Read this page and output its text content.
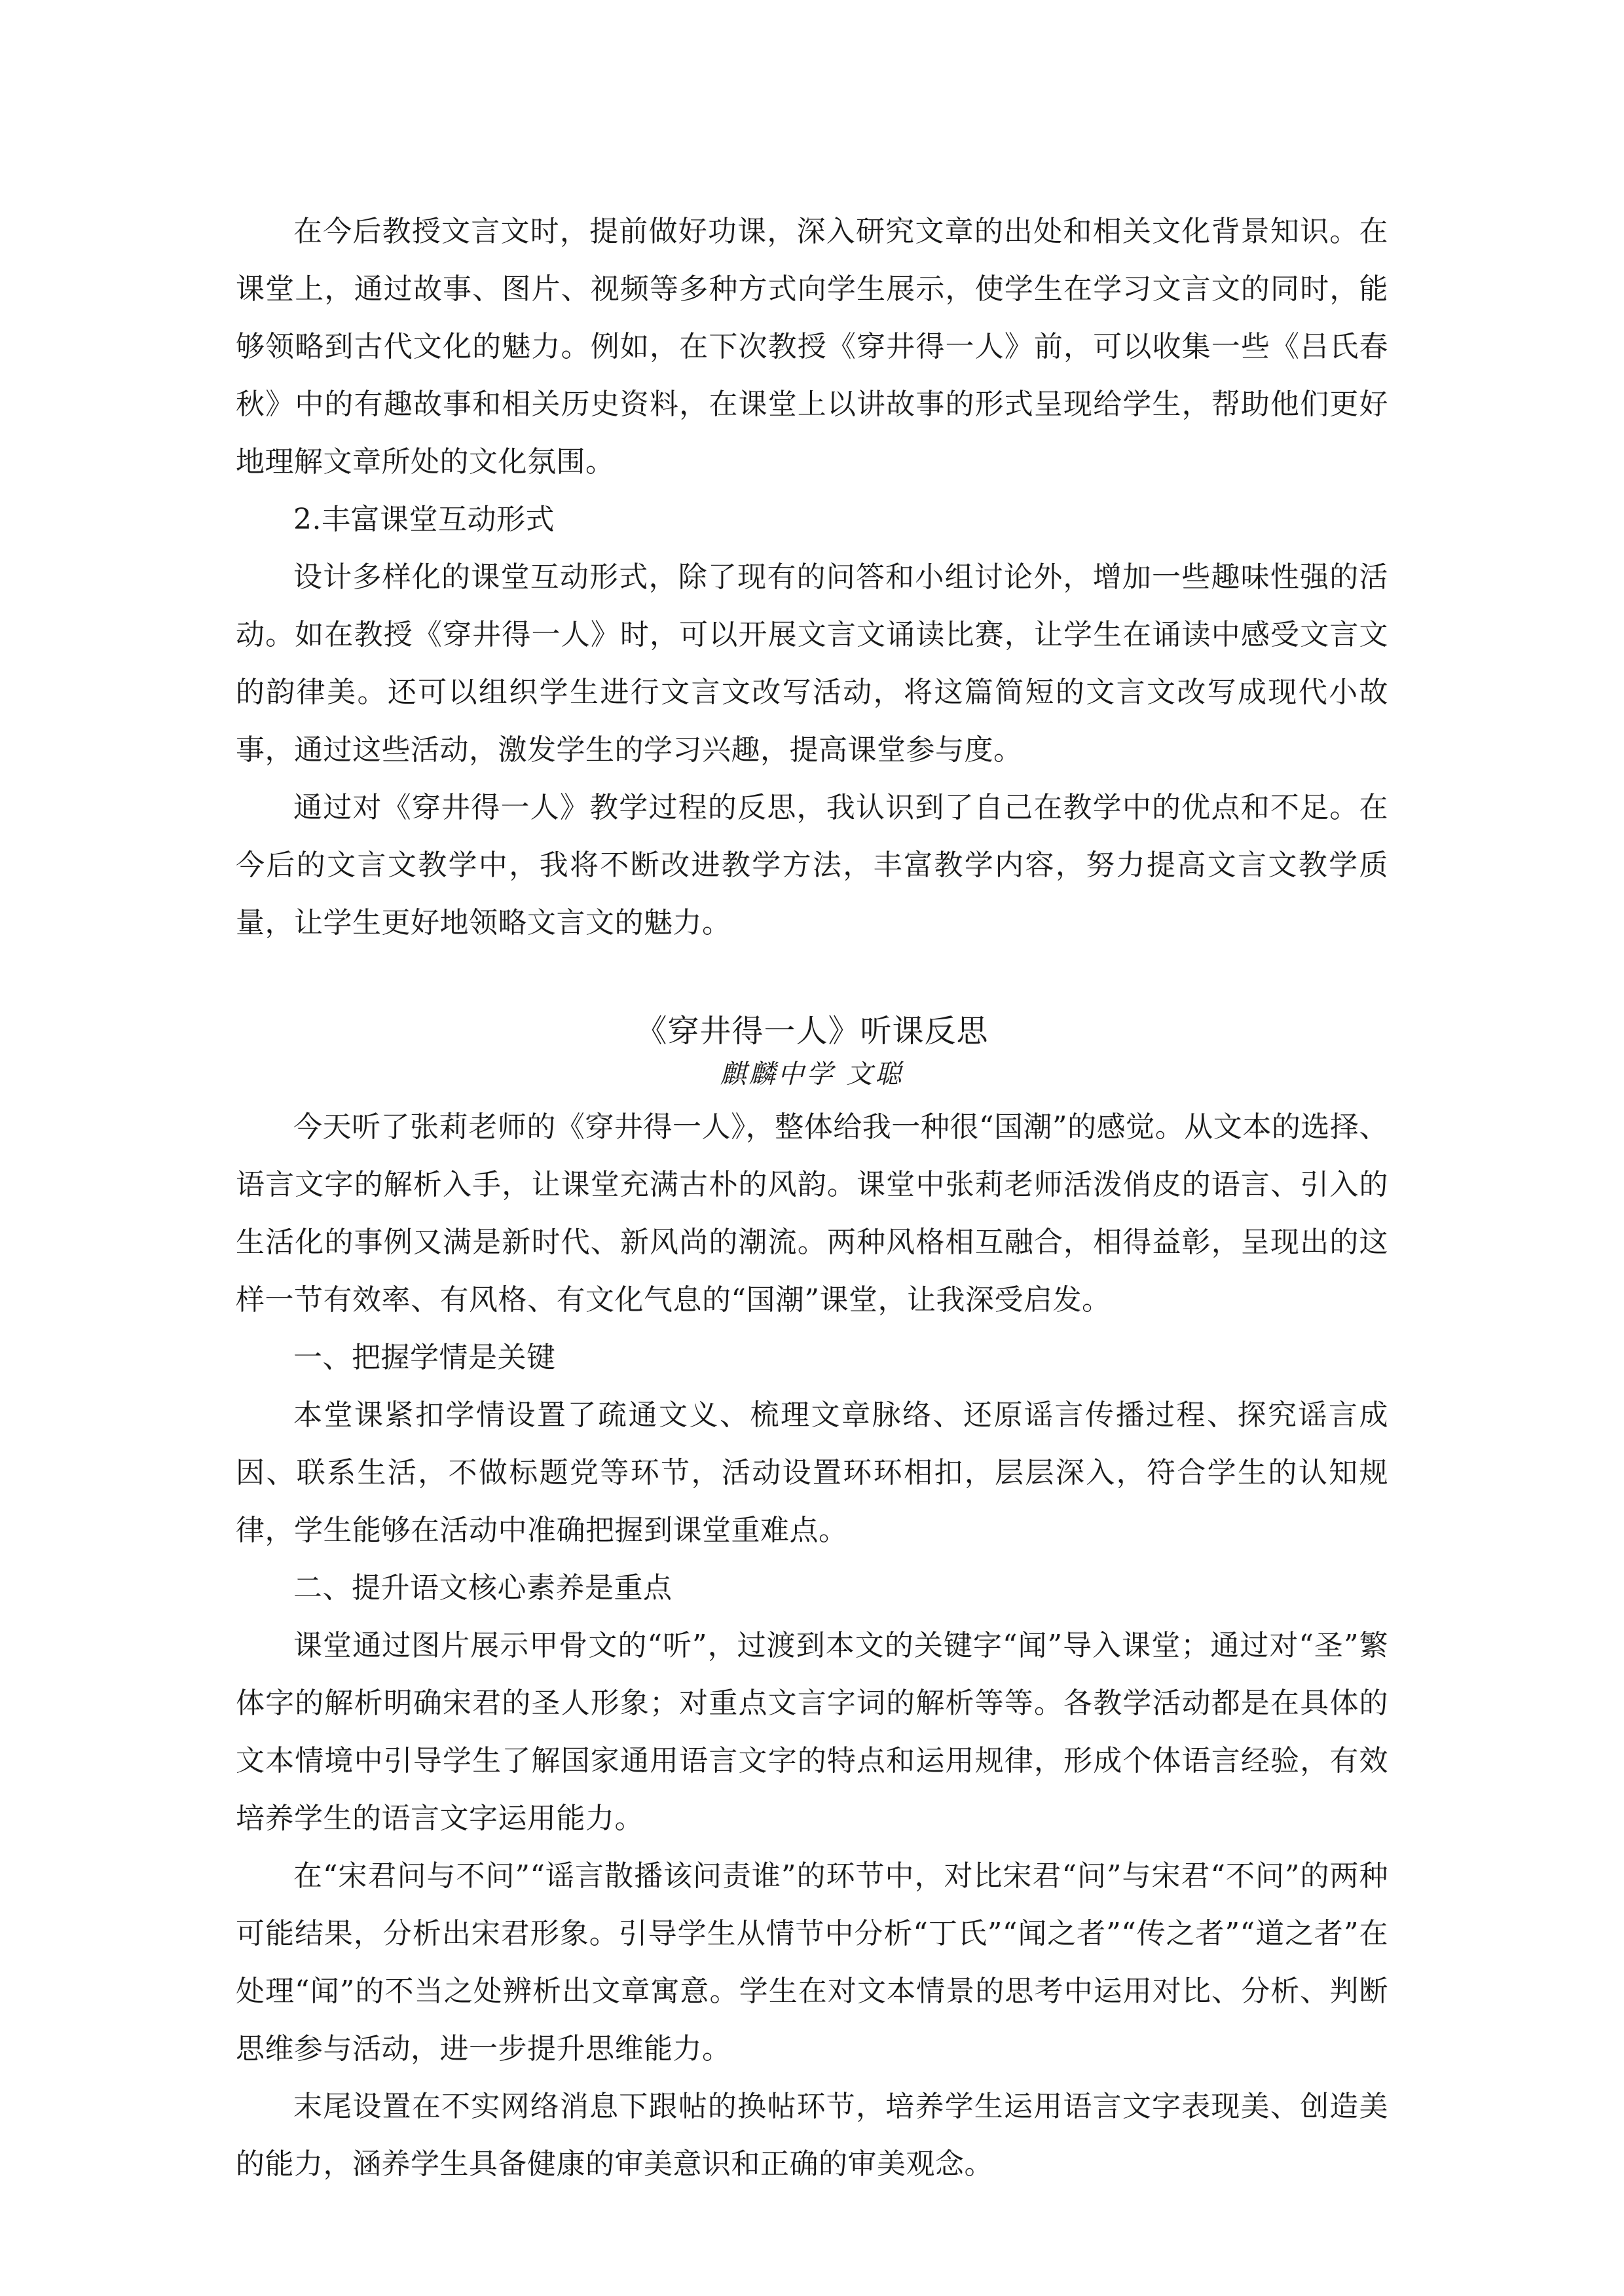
在今后教授文言文时，提前做好功课，深入研究文章的出处和相关文化背景知识。在课堂上，通过故事、图片、视频等多种方式向学生展示，使学生在学习文言文的同时，能够领略到古代文化的魅力。例如，在下次教授《穿井得一人》前，可以收集一些《吕氏春秋》中的有趣故事和相关历史资料，在课堂上以讲故事的形式呈现给学生，帮助他们更好地理解文章所处的文化氛围。

2.丰富课堂互动形式

设计多样化的课堂互动形式，除了现有的问答和小组讨论外，增加一些趣味性强的活动。如在教授《穿井得一人》时，可以开展文言文诵读比赛，让学生在诵读中感受文言文的韵律美。还可以组织学生进行文言文改写活动，将这篇简短的文言文改写成现代小故事，通过这些活动，激发学生的学习兴趣，提高课堂参与度。

通过对《穿井得一人》教学过程的反思，我认识到了自己在教学中的优点和不足。在今后的文言文教学中，我将不断改进教学方法，丰富教学内容，努力提高文言文教学质量，让学生更好地领略文言文的魅力。

《穿井得一人》听课反思

麒麟中学 文聪

今天听了张莉老师的《穿井得一人》，整体给我一种很“国潮”的感觉。从文本的选择、语言文字的解析入手，让课堂充满古朴的风韵。课堂中张莉老师活泼俏皮的语言、引入的生活化的事例又满是新时代、新风尚的潮流。两种风格相互融合，相得益彰，呈现出的这样一节有效率、有风格、有文化气息的“国潮”课堂，让我深受启发。

一、把握学情是关键

本堂课紧扣学情设置了疏通文义、梳理文章脉络、还原谣言传播过程、探究谣言成因、联系生活，不做标题党等环节，活动设置环环相扣，层层深入，符合学生的认知规律，学生能够在活动中准确把握到课堂重难点。

二、提升语文核心素养是重点

课堂通过图片展示甲骨文的“听”，过渡到本文的关键字“闻”导入课堂；通过对“圣”繁体字的解析明确宋君的圣人形象；对重点文言字词的解析等等。各教学活动都是在具体的文本情境中引导学生了解国家通用语言文字的特点和运用规律，形成个体语言经验，有效培养学生的语言文字运用能力。

在“宋君问与不问”“谣言散播该问责谁”的环节中，对比宋君“问”与宋君“不问”的两种可能结果，分析出宋君形象。引导学生从情节中分析“丁氏”“闻之者”“传之者”“道之者”在处理“闻”的不当之处辨析出文章寓意。学生在对文本情景的思考中运用对比、分析、判断思维参与活动，进一步提升思维能力。

末尾设置在不实网络消息下跟帖的换帖环节，培养学生运用语言文字表现美、创造美的能力，涵养学生具备健康的审美意识和正确的审美观念。
